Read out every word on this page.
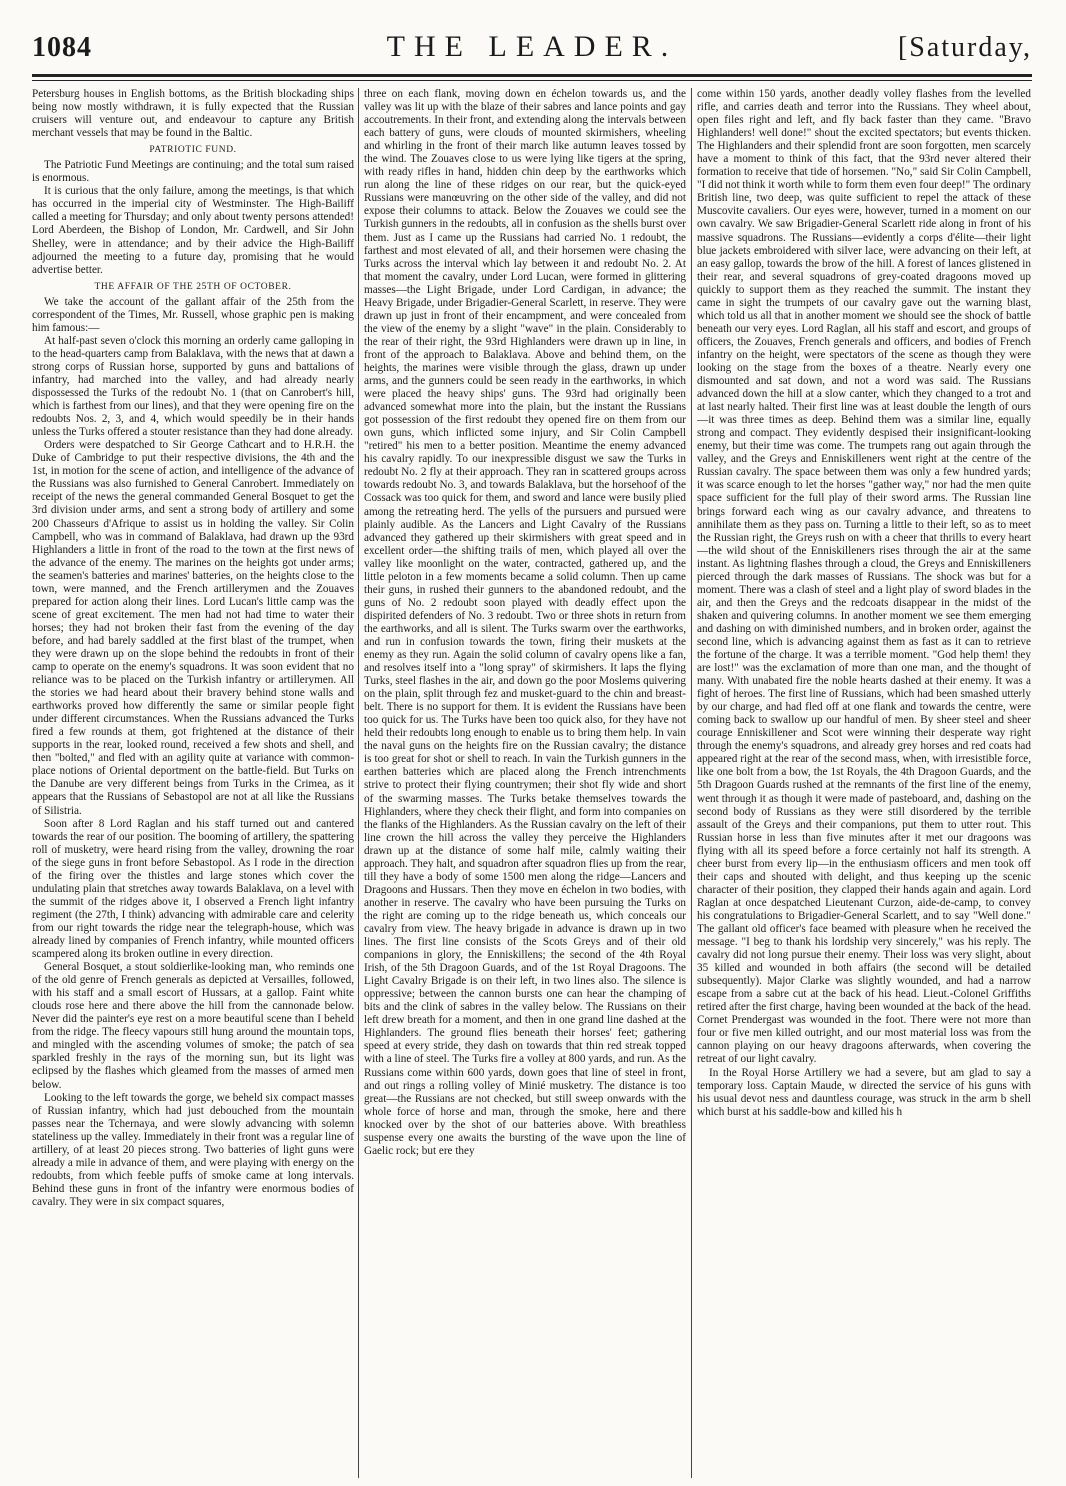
1084	THE LEADER.	[Saturday,

Petersburg houses in English bottoms, as the British blockading ships being now mostly withdrawn, it is fully expected that the Russian cruisers will venture out, and endeavour to capture any British merchant vessels that may be found in the Baltic.

PATRIOTIC FUND.

The Patriotic Fund Meetings are continuing; and the total sum raised is enormous.

It is curious that the only failure, among the meetings, is that which has occurred in the imperial city of Westminster. The High-Bailiff called a meeting for Thursday; and only about twenty persons attended! Lord Aberdeen, the Bishop of London, Mr. Cardwell, and Sir John Shelley, were in attendance; and by their advice the High-Bailiff adjourned the meeting to a future day, promising that he would advertise better.

THE AFFAIR OF THE 25TH OF OCTOBER.

We take the account of the gallant affair of the 25th from the correspondent of the Times, Mr. Russell, whose graphic pen is making him famous:—

At half-past seven o'clock this morning an orderly came galloping in to the head-quarters camp from Balaklava, with the news that at dawn a strong corps of Russian horse, supported by guns and battalions of infantry, had marched into the valley, and had already nearly dispossessed the Turks of the redoubt No. 1 (that on Canrobert's hill, which is farthest from our lines), and that they were opening fire on the redoubts Nos. 2, 3, and 4, which would speedily be in their hands unless the Turks offered a stouter resistance than they had done already.

Orders were despatched to Sir George Cathcart and to H.R.H. the Duke of Cambridge to put their respective divisions, the 4th and the 1st, in motion for the scene of action, and intelligence of the advance of the Russians was also furnished to General Canrobert. Immediately on receipt of the news the general commanded General Bosquet to get the 3rd division under arms, and sent a strong body of artillery and some 200 Chasseurs d'Afrique to assist us in holding the valley. Sir Colin Campbell, who was in command of Balaklava, had drawn up the 93rd Highlanders a little in front of the road to the town at the first news of the advance of the enemy. The marines on the heights got under arms; the seamen's batteries and marines' batteries, on the heights close to the town, were manned, and the French artillerymen and the Zouaves prepared for action along their lines. Lord Lucan's little camp was the scene of great excitement. The men had not had time to water their horses; they had not broken their fast from the evening of the day before, and had barely saddled at the first blast of the trumpet, when they were drawn up on the slope behind the redoubts in front of their camp to operate on the enemy's squadrons. It was soon evident that no reliance was to be placed on the Turkish infantry or artillerymen. All the stories we had heard about their bravery behind stone walls and earthworks proved how differently the same or similar people fight under different circumstances. When the Russians advanced the Turks fired a few rounds at them, got frightened at the distance of their supports in the rear, looked round, received a few shots and shell, and then "bolted," and fled with an agility quite at variance with common-place notions of Oriental deportment on the battle-field. But Turks on the Danube are very different beings from Turks in the Crimea, as it appears that the Russians of Sebastopol are not at all like the Russians of Silistria.

Soon after 8 Lord Raglan and his staff turned out and cantered towards the rear of our position. The booming of artillery, the spattering roll of musketry, were heard rising from the valley, drowning the roar of the siege guns in front before Sebastopol. As I rode in the direction of the firing over the thistles and large stones which cover the undulating plain that stretches away towards Balaklava, on a level with the summit of the ridges above it, I observed a French light infantry regiment (the 27th, I think) advancing with admirable care and celerity from our right towards the ridge near the telegraph-house, which was already lined by companies of French infantry, while mounted officers scampered along its broken outline in every direction.

General Bosquet, a stout soldierlike-looking man, who reminds one of the old genre of French generals as depicted at Versailles, followed, with his staff and a small escort of Hussars, at a gallop. Faint white clouds rose here and there above the hill from the cannonade below. Never did the painter's eye rest on a more beautiful scene than I beheld from the ridge. The fleecy vapours still hung around the mountain tops, and mingled with the ascending volumes of smoke; the patch of sea sparkled freshly in the rays of the morning sun, but its light was eclipsed by the flashes which gleamed from the masses of armed men below.

Looking to the left towards the gorge, we beheld six compact masses of Russian infantry, which had just debouched from the mountain passes near the Tchernaya, and were slowly advancing with solemn stateliness up the valley. Immediately in their front was a regular line of artillery, of at least 20 pieces strong. Two batteries of light guns were already a mile in advance of them, and were playing with energy on the redoubts, from which feeble puffs of smoke came at long intervals. Behind these guns in front of the infantry were enormous bodies of cavalry. They were in six compact squares,

three on each flank, moving down en échelon towards us, and the valley was lit up with the blaze of their sabres and lance points and gay accoutrements. In their front, and extending along the intervals between each battery of guns, were clouds of mounted skirmishers, wheeling and whirling in the front of their march like autumn leaves tossed by the wind. The Zouaves close to us were lying like tigers at the spring, with ready rifles in hand, hidden chin deep by the earthworks which run along the line of these ridges on our rear, but the quick-eyed Russians were manœuvring on the other side of the valley, and did not expose their columns to attack. Below the Zouaves we could see the Turkish gunners in the redoubts, all in confusion as the shells burst over them. Just as I came up the Russians had carried No. 1 redoubt, the farthest and most elevated of all, and their horsemen were chasing the Turks across the interval which lay between it and redoubt No. 2. At that moment the cavalry, under Lord Lucan, were formed in glittering masses—the Light Brigade, under Lord Cardigan, in advance; the Heavy Brigade, under Brigadier-General Scarlett, in reserve. They were drawn up just in front of their encampment, and were concealed from the view of the enemy by a slight "wave" in the plain. Considerably to the rear of their right, the 93rd Highlanders were drawn up in line, in front of the approach to Balaklava. Above and behind them, on the heights, the marines were visible through the glass, drawn up under arms, and the gunners could be seen ready in the earthworks, in which were placed the heavy ships' guns. The 93rd had originally been advanced somewhat more into the plain, but the instant the Russians got possession of the first redoubt they opened fire on them from our own guns, which inflicted some injury, and Sir Colin Campbell "retired" his men to a better position. Meantime the enemy advanced his cavalry rapidly. To our inexpressible disgust we saw the Turks in redoubt No. 2 fly at their approach. They ran in scattered groups across towards redoubt No. 3, and towards Balaklava, but the horsehoof of the Cossack was too quick for them, and sword and lance were busily plied among the retreating herd. The yells of the pursuers and pursued were plainly audible. As the Lancers and Light Cavalry of the Russians advanced they gathered up their skirmishers with great speed and in excellent order—the shifting trails of men, which played all over the valley like moonlight on the water, contracted, gathered up, and the little peloton in a few moments became a solid column. Then up came their guns, in rushed their gunners to the abandoned redoubt, and the guns of No. 2 redoubt soon played with deadly effect upon the dispirited defenders of No. 3 redoubt. Two or three shots in return from the earthworks, and all is silent. The Turks swarm over the earthworks, and run in confusion towards the town, firing their muskets at the enemy as they run. Again the solid column of cavalry opens like a fan, and resolves itself into a "long spray" of skirmishers. It laps the flying Turks, steel flashes in the air, and down go the poor Moslems quivering on the plain, split through fez and musket-guard to the chin and breast-belt. There is no support for them. It is evident the Russians have been too quick for us. The Turks have been too quick also, for they have not held their redoubts long enough to enable us to bring them help. In vain the naval guns on the heights fire on the Russian cavalry; the distance is too great for shot or shell to reach. In vain the Turkish gunners in the earthen batteries which are placed along the French intrenchments strive to protect their flying countrymen; their shot fly wide and short of the swarming masses. The Turks betake themselves towards the Highlanders, where they check their flight, and form into companies on the flanks of the Highlanders. As the Russian cavalry on the left of their line crown the hill across the valley they perceive the Highlanders drawn up at the distance of some half mile, calmly waiting their approach. They halt, and squadron after squadron flies up from the rear, till they have a body of some 1500 men along the ridge—Lancers and Dragoons and Hussars. Then they move en échelon in two bodies, with another in reserve. The cavalry who have been pursuing the Turks on the right are coming up to the ridge beneath us, which conceals our cavalry from view. The heavy brigade in advance is drawn up in two lines. The first line consists of the Scots Greys and of their old companions in glory, the Enniskillens; the second of the 4th Royal Irish, of the 5th Dragoon Guards, and of the 1st Royal Dragoons. The Light Cavalry Brigade is on their left, in two lines also. The silence is oppressive; between the cannon bursts one can hear the champing of bits and the clink of sabres in the valley below. The Russians on their left drew breath for a moment, and then in one grand line dashed at the Highlanders. The ground flies beneath their horses' feet; gathering speed at every stride, they dash on towards that thin red streak topped with a line of steel. The Turks fire a volley at 800 yards, and run. As the Russians come within 600 yards, down goes that line of steel in front, and out rings a rolling volley of Minié musketry. The distance is too great—the Russians are not checked, but still sweep onwards with the whole force of horse and man, through the smoke, here and there knocked over by the shot of our batteries above. With breathless suspense every one awaits the bursting of the wave upon the line of Gaelic rock; but ere they

come within 150 yards, another deadly volley flashes from the levelled rifle, and carries death and terror into the Russians. They wheel about, open files right and left, and fly back faster than they came. "Bravo Highlanders! well done!" shout the excited spectators; but events thicken. The Highlanders and their splendid front are soon forgotten, men scarcely have a moment to think of this fact, that the 93rd never altered their formation to receive that tide of horsemen. "No," said Sir Colin Campbell, "I did not think it worth while to form them even four deep!" The ordinary British line, two deep, was quite sufficient to repel the attack of these Muscovite cavaliers. Our eyes were, however, turned in a moment on our own cavalry. We saw Brigadier-General Scarlett ride along in front of his massive squadrons. The Russians—evidently a corps d'élite—their light blue jackets embroidered with silver lace, were advancing on their left, at an easy gallop, towards the brow of the hill. A forest of lances glistened in their rear, and several squadrons of grey-coated dragoons moved up quickly to support them as they reached the summit. The instant they came in sight the trumpets of our cavalry gave out the warning blast, which told us all that in another moment we should see the shock of battle beneath our very eyes. Lord Raglan, all his staff and escort, and groups of officers, the Zouaves, French generals and officers, and bodies of French infantry on the height, were spectators of the scene as though they were looking on the stage from the boxes of a theatre. Nearly every one dismounted and sat down, and not a word was said. The Russians advanced down the hill at a slow canter, which they changed to a trot and at last nearly halted. Their first line was at least double the length of ours—it was three times as deep. Behind them was a similar line, equally strong and compact. They evidently despised their insignificant-looking enemy, but their time was come. The trumpets rang out again through the valley, and the Greys and Enniskilleners went right at the centre of the Russian cavalry. The space between them was only a few hundred yards; it was scarce enough to let the horses "gather way," nor had the men quite space sufficient for the full play of their sword arms. The Russian line brings forward each wing as our cavalry advance, and threatens to annihilate them as they pass on. Turning a little to their left, so as to meet the Russian right, the Greys rush on with a cheer that thrills to every heart—the wild shout of the Enniskilleners rises through the air at the same instant. As lightning flashes through a cloud, the Greys and Enniskilleners pierced through the dark masses of Russians. The shock was but for a moment. There was a clash of steel and a light play of sword blades in the air, and then the Greys and the redcoats disappear in the midst of the shaken and quivering columns. In another moment we see them emerging and dashing on with diminished numbers, and in broken order, against the second line, which is advancing against them as fast as it can to retrieve the fortune of the charge. It was a terrible moment. "God help them! they are lost!" was the exclamation of more than one man, and the thought of many. With unabated fire the noble hearts dashed at their enemy. It was a fight of heroes. The first line of Russians, which had been smashed utterly by our charge, and had fled off at one flank and towards the centre, were coming back to swallow up our handful of men. By sheer steel and sheer courage Enniskillener and Scot were winning their desperate way right through the enemy's squadrons, and already grey horses and red coats had appeared right at the rear of the second mass, when, with irresistible force, like one bolt from a bow, the 1st Royals, the 4th Dragoon Guards, and the 5th Dragoon Guards rushed at the remnants of the first line of the enemy, went through it as though it were made of pasteboard, and, dashing on the second body of Russians as they were still disordered by the terrible assault of the Greys and their companions, put them to utter rout. This Russian horse in less than five minutes after it met our dragoons was flying with all its speed before a force certainly not half its strength. A cheer burst from every lip—in the enthusiasm officers and men took off their caps and shouted with delight, and thus keeping up the scenic character of their position, they clapped their hands again and again. Lord Raglan at once despatched Lieutenant Curzon, aide-de-camp, to convey his congratulations to Brigadier-General Scarlett, and to say "Well done." The gallant old officer's face beamed with pleasure when he received the message. "I beg to thank his lordship very sincerely," was his reply. The cavalry did not long pursue their enemy. Their loss was very slight, about 35 killed and wounded in both affairs (the second will be detailed subsequently). Major Clarke was slightly wounded, and had a narrow escape from a sabre cut at the back of his head. Lieut.-Colonel Griffiths retired after the first charge, having been wounded at the back of the head. Cornet Prendergast was wounded in the foot. There were not more than four or five men killed outright, and our most material loss was from the cannon playing on our heavy dragoons afterwards, when covering the retreat of our light cavalry.

In the Royal Horse Artillery we had a severe, but am glad to say a temporary loss. Captain Maude, w directed the service of his guns with his usual devot ness and dauntless courage, was struck in the arm b shell which burst at his saddle-bow and killed his h
